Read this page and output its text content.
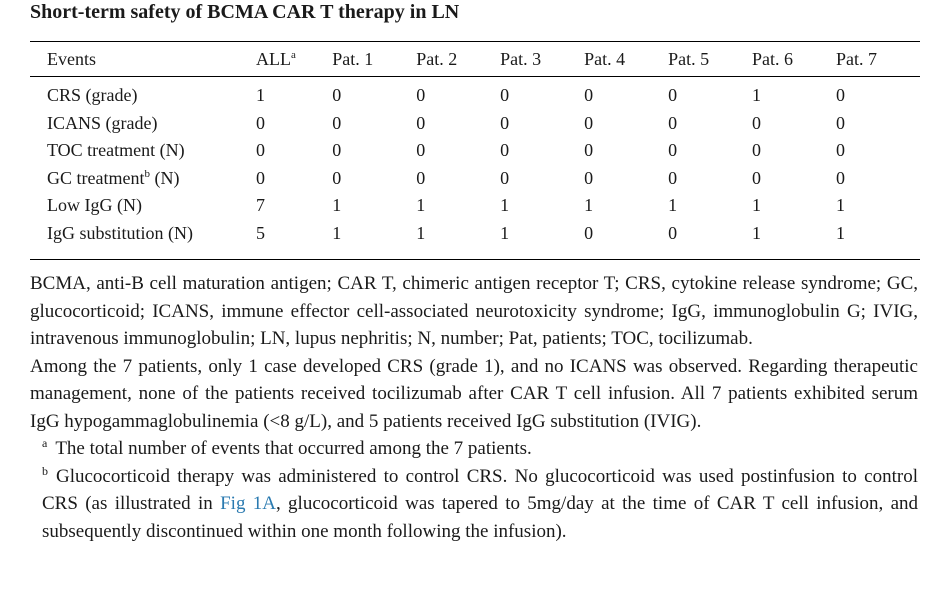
Short-term safety of BCMA CAR T therapy in LN
Events	ALL$^a$	Pat. 1	Pat. 2	Pat. 3	Pat. 4	Pat. 5	Pat. 6	Pat. 7

CRS (grade)	1	0	0	0	0	0	1	0
ICANS (grade)	0	0	0	0	0	0	0	0
TOC treatment (N)	0	0	0	0	0	0	0	0
GC treatment$^b$ (N)	0	0	0	0	0	0	0	0
Low IgG (N)	7	1	1	1	1	1	1	1
IgG substitution (N)	5	1	1	1	0	0	1	1

BCMA, anti-B cell maturation antigen; CAR T, chimeric antigen receptor T; CRS, cytokine release syndrome; GC, glucocorticoid; ICANS, immune effector cell-associated neurotoxicity syndrome; IgG, immunoglobulin G; IVIG, intravenous immunoglobulin; LN, lupus nephritis; N, number; Pat, patients; TOC, tocilizumab.

Among the 7 patients, only 1 case developed CRS (grade 1), and no ICANS was observed. Regarding therapeutic management, none of the patients received tocilizumab after CAR T cell infusion. All 7 patients exhibited serum IgG hypogammaglobulinemia (<8 g/L), and 5 patients received IgG substitution (IVIG).

$^a$ The total number of events that occurred among the 7 patients.

$^b$ Glucocorticoid therapy was administered to control CRS. No glucocorticoid was used postinfusion to control CRS (as illustrated in Fig 1A, glucocorticoid was tapered to 5mg/day at the time of CAR T cell infusion, and subsequently discontinued within one month following the infusion).
